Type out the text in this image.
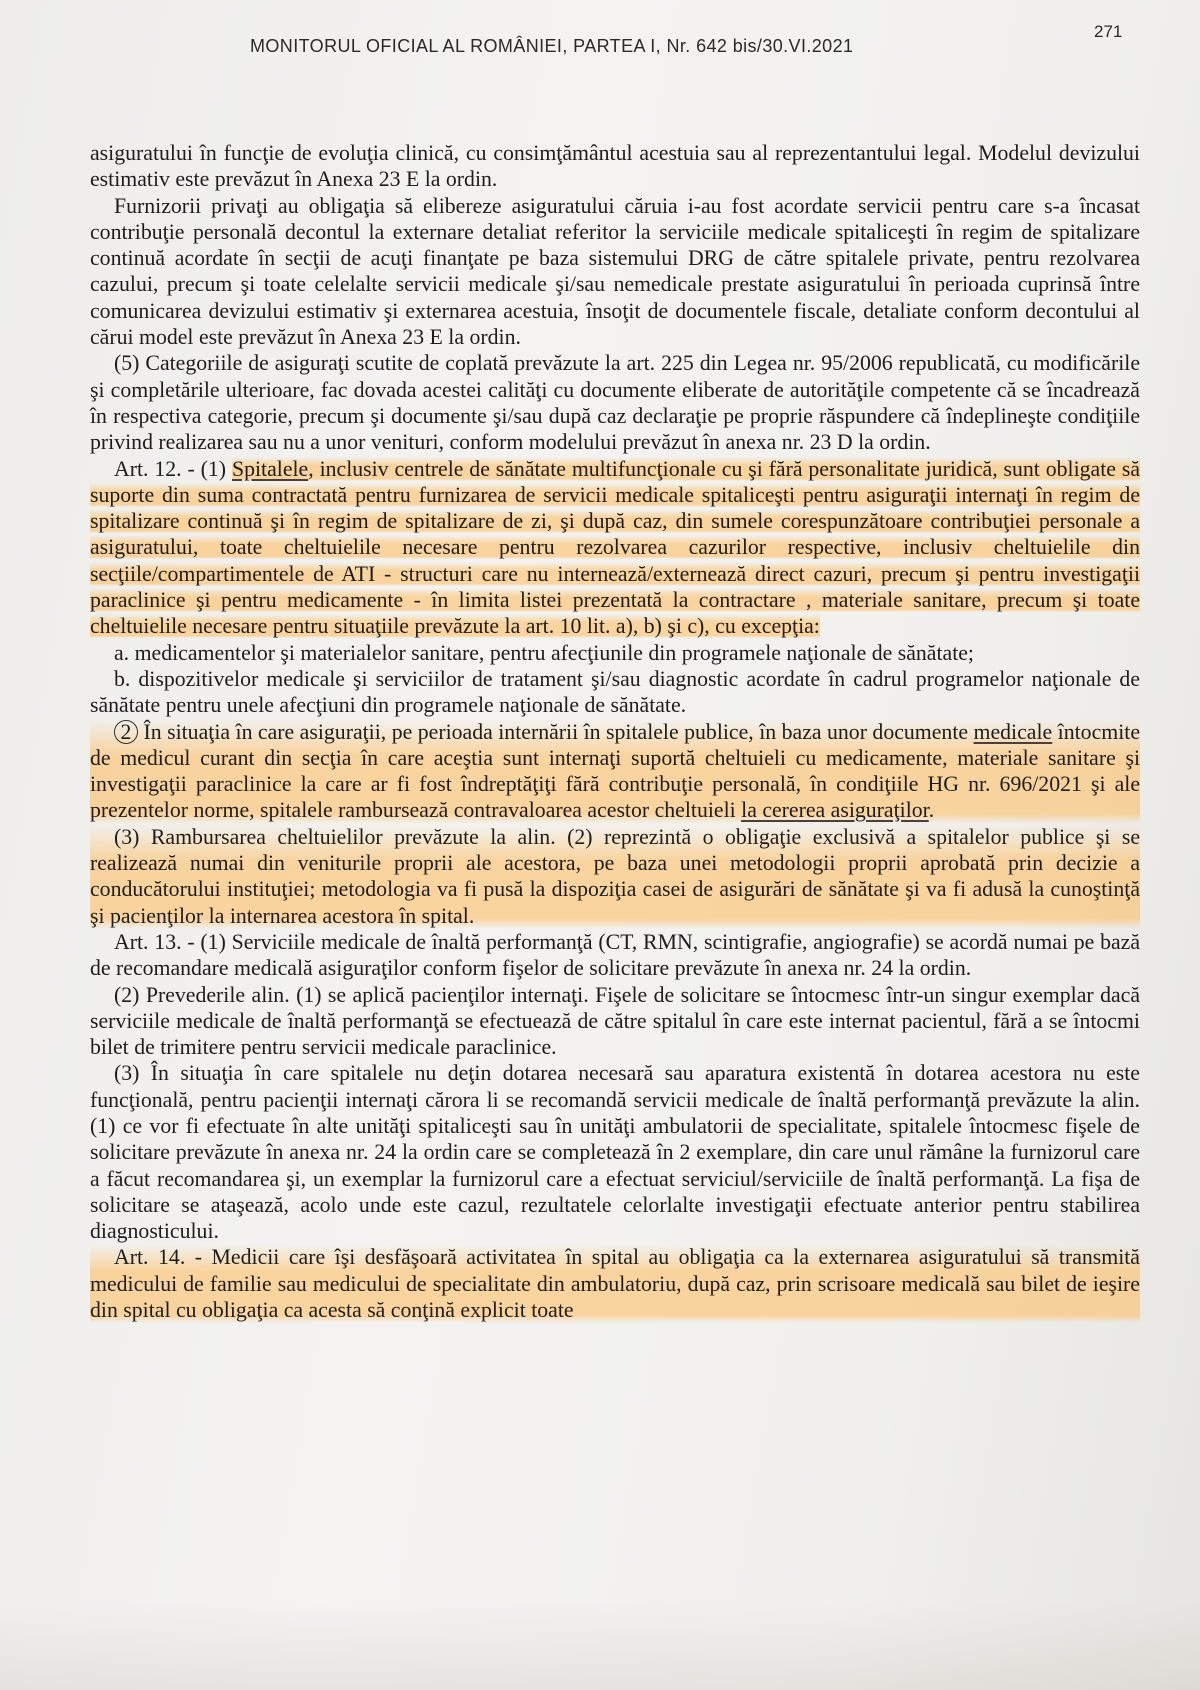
MONITORUL OFICIAL AL ROMÂNIEI, PARTEA I, Nr. 642 bis/30.VI.2021
271

asiguratului în funcţie de evoluţia clinică, cu consimţământul acestuia sau al reprezentantului legal. Modelul devizului estimativ este prevăzut în Anexa 23 E la ordin.

Furnizorii privaţi au obligaţia să elibereze asiguratului căruia i-au fost acordate servicii pentru care s-a încasat contribuţie personală decontul la externare detaliat referitor la serviciile medicale spitaliceşti în regim de spitalizare continuă acordate în secţii de acuţi finanţate pe baza sistemului DRG de către spitalele private, pentru rezolvarea cazului, precum şi toate celelalte servicii medicale şi/sau nemedicale prestate asiguratului în perioada cuprinsă între comunicarea devizului estimativ şi externarea acestuia, însoţit de documentele fiscale, detaliate conform decontului al cărui model este prevăzut în Anexa 23 E la ordin.

(5) Categoriile de asiguraţi scutite de coplată prevăzute la art. 225 din Legea nr. 95/2006 republicată, cu modificările şi completările ulterioare, fac dovada acestei calităţi cu documente eliberate de autorităţile competente că se încadrează în respectiva categorie, precum şi documente şi/sau după caz declaraţie pe proprie răspundere că îndeplineşte condiţiile privind realizarea sau nu a unor venituri, conform modelului prevăzut în anexa nr. 23 D la ordin.

Art. 12. - (1) Spitalele, inclusiv centrele de sănătate multifuncţionale cu şi fără personalitate juridică, sunt obligate să suporte din suma contractată pentru furnizarea de servicii medicale spitaliceşti pentru asiguraţii internaţi în regim de spitalizare continuă şi în regim de spitalizare de zi, şi după caz, din sumele corespunzătoare contribuţiei personale a asiguratului, toate cheltuielile necesare pentru rezolvarea cazurilor respective, inclusiv cheltuielile din secţiile/compartimentele de ATI - structuri care nu internează/externează direct cazuri, precum şi pentru investigaţii paraclinice şi pentru medicamente - în limita listei prezentată la contractare , materiale sanitare, precum şi toate cheltuielile necesare pentru situaţiile prevăzute la art. 10 lit. a), b) şi c), cu excepţia:

a. medicamentelor şi materialelor sanitare, pentru afecţiunile din programele naţionale de sănătate;

b. dispozitivelor medicale şi serviciilor de tratament şi/sau diagnostic acordate în cadrul programelor naţionale de sănătate pentru unele afecţiuni din programele naţionale de sănătate.

2 În situaţia în care asiguraţii, pe perioada internării în spitalele publice, în baza unor documente medicale întocmite de medicul curant din secţia în care aceştia sunt internaţi suportă cheltuieli cu medicamente, materiale sanitare şi investigaţii paraclinice la care ar fi fost îndreptăţiţi fără contribuţie personală, în condiţiile HG nr. 696/2021 şi ale prezentelor norme, spitalele rambursează contravaloarea acestor cheltuieli la cererea asiguraţilor.

(3) Rambursarea cheltuielilor prevăzute la alin. (2) reprezintă o obligaţie exclusivă a spitalelor publice şi se realizează numai din veniturile proprii ale acestora, pe baza unei metodologii proprii aprobată prin decizie a conducătorului instituţiei; metodologia va fi pusă la dispoziţia casei de asigurări de sănătate şi va fi adusă la cunoştinţă şi pacienţilor la internarea acestora în spital.

Art. 13. - (1) Serviciile medicale de înaltă performanţă (CT, RMN, scintigrafie, angiografie) se acordă numai pe bază de recomandare medicală asiguraţilor conform fişelor de solicitare prevăzute în anexa nr. 24 la ordin.

(2) Prevederile alin. (1) se aplică pacienţilor internaţi. Fişele de solicitare se întocmesc într-un singur exemplar dacă serviciile medicale de înaltă performanţă se efectuează de către spitalul în care este internat pacientul, fără a se întocmi bilet de trimitere pentru servicii medicale paraclinice.

(3) În situaţia în care spitalele nu deţin dotarea necesară sau aparatura existentă în dotarea acestora nu este funcţională, pentru pacienţii internaţi cărora li se recomandă servicii medicale de înaltă performanţă prevăzute la alin. (1) ce vor fi efectuate în alte unităţi spitaliceşti sau în unităţi ambulatorii de specialitate, spitalele întocmesc fişele de solicitare prevăzute în anexa nr. 24 la ordin care se completează în 2 exemplare, din care unul rămâne la furnizorul care a făcut recomandarea şi, un exemplar la furnizorul care a efectuat serviciul/serviciile de înaltă performanţă. La fişa de solicitare se ataşează, acolo unde este cazul, rezultatele celorlalte investigaţii efectuate anterior pentru stabilirea diagnosticului.

Art. 14. - Medicii care îşi desfăşoară activitatea în spital au obligaţia ca la externarea asiguratului să transmită medicului de familie sau medicului de specialitate din ambulatoriu, după caz, prin scrisoare medicală sau bilet de ieşire din spital cu obligaţia ca acesta să conţină explicit toate
